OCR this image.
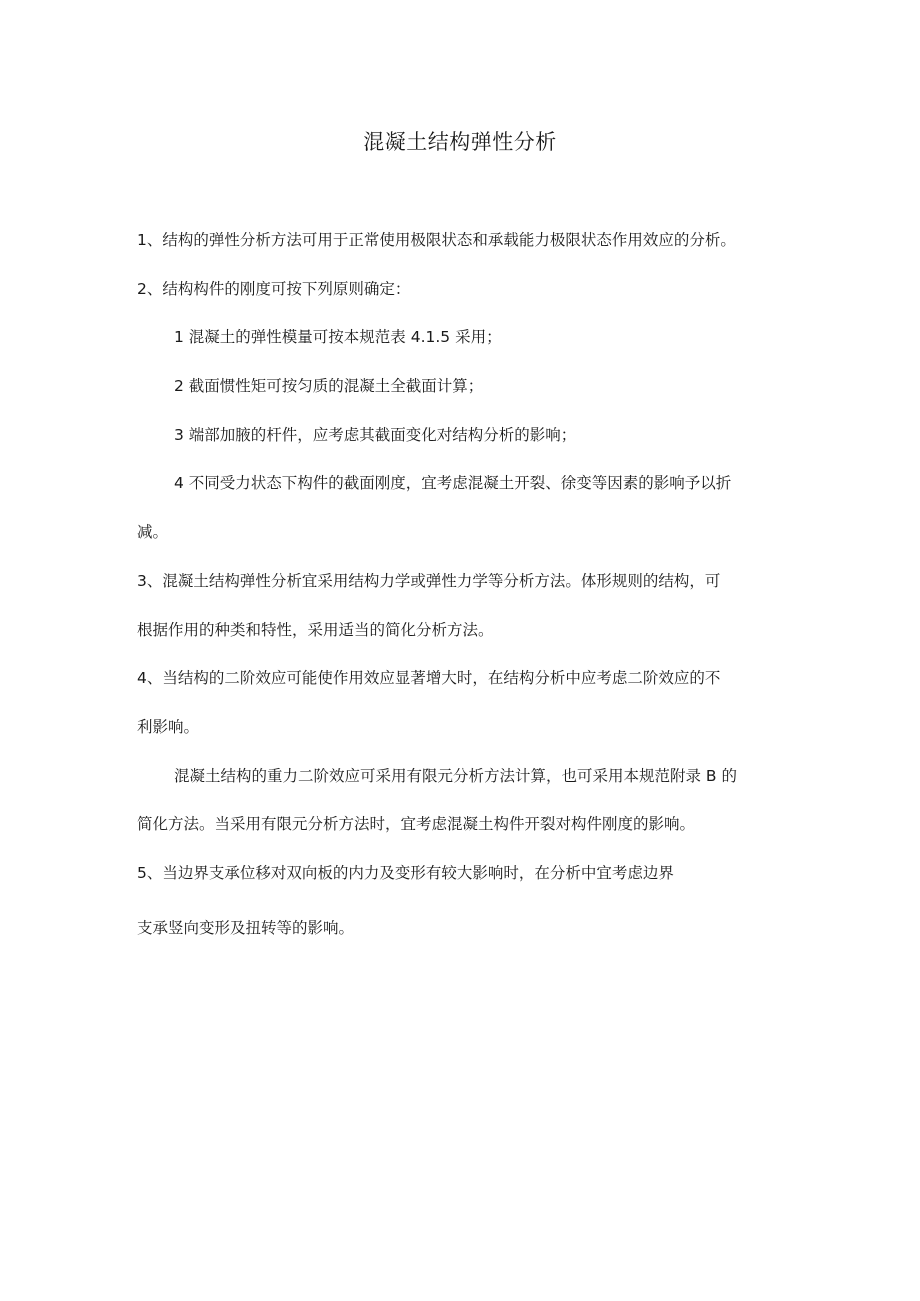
混凝土结构弹性分析
1、结构的弹性分析方法可用于正常使用极限状态和承载能力极限状态作用效应的分析。
2、结构构件的刚度可按下列原则确定：
1 混凝土的弹性模量可按本规范表 4.1.5 采用；
2 截面惯性矩可按匀质的混凝土全截面计算；
3 端部加腋的杆件，应考虑其截面变化对结构分析的影响；
4 不同受力状态下构件的截面刚度，宜考虑混凝土开裂、徐变等因素的影响予以折
减。
3、混凝土结构弹性分析宜采用结构力学或弹性力学等分析方法。体形规则的结构，可
根据作用的种类和特性，采用适当的简化分析方法。
4、当结构的二阶效应可能使作用效应显著增大时，在结构分析中应考虑二阶效应的不
利影响。
混凝土结构的重力二阶效应可采用有限元分析方法计算，也可采用本规范附录 B 的
简化方法。当采用有限元分析方法时，宜考虑混凝土构件开裂对构件刚度的影响。
5、当边界支承位移对双向板的内力及变形有较大影响时，在分析中宜考虑边界
支承竖向变形及扭转等的影响。
